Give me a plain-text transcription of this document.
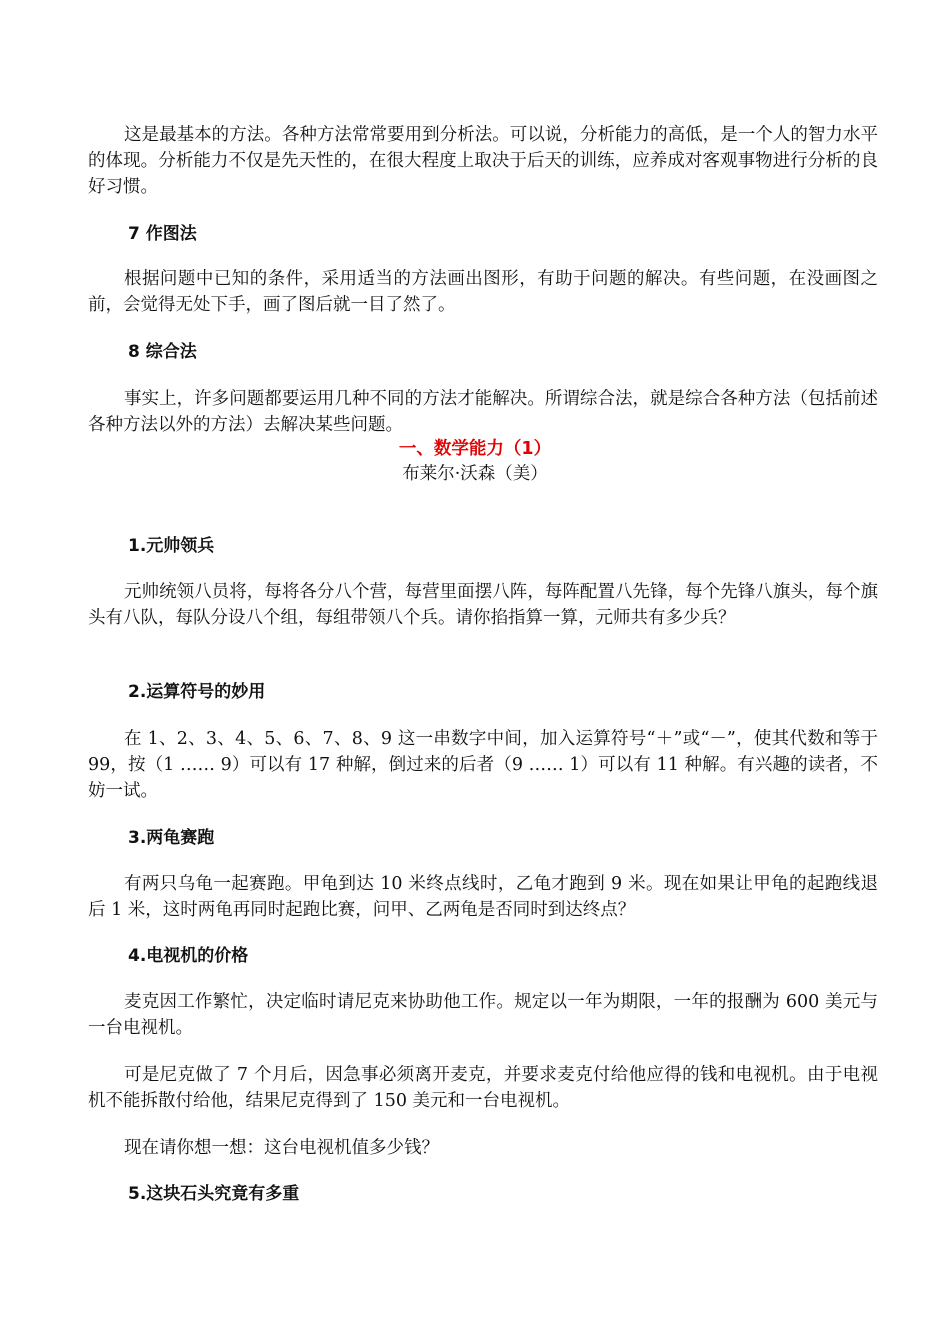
这是最基本的方法。各种方法常常要用到分析法。可以说，分析能力的高低，是一个人的智力水平的体现。分析能力不仅是先天性的，在很大程度上取决于后天的训练，应养成对客观事物进行分析的良好习惯。

7 作图法

根据问题中已知的条件，采用适当的方法画出图形，有助于问题的解决。有些问题，在没画图之前，会觉得无处下手，画了图后就一目了然了。

8 综合法

事实上，许多问题都要运用几种不同的方法才能解决。所谓综合法，就是综合各种方法（包括前述各种方法以外的方法）去解决某些问题。

一、数学能力（1）

布莱尔·沃森（美）

1.元帅领兵

元帅统领八员将，每将各分八个营，每营里面摆八阵，每阵配置八先锋，每个先锋八旗头，每个旗头有八队，每队分设八个组，每组带领八个兵。请你掐指算一算，元师共有多少兵？

2.运算符号的妙用

在 1、2、3、4、5、6、7、8、9 这一串数字中间，加入运算符号“＋”或“－”，使其代数和等于 99，按（1 …… 9）可以有 17 种解，倒过来的后者（9 …… 1）可以有 11 种解。有兴趣的读者，不妨一试。

3.两龟赛跑

有两只乌龟一起赛跑。甲龟到达 10 米终点线时，乙龟才跑到 9 米。现在如果让甲龟的起跑线退后 1 米，这时两龟再同时起跑比赛，问甲、乙两龟是否同时到达终点？

4.电视机的价格

麦克因工作繁忙，决定临时请尼克来协助他工作。规定以一年为期限，一年的报酬为 600 美元与一台电视机。

可是尼克做了 7 个月后，因急事必须离开麦克，并要求麦克付给他应得的钱和电视机。由于电视机不能拆散付给他，结果尼克得到了 150 美元和一台电视机。

现在请你想一想：这台电视机值多少钱？

5.这块石头究竟有多重
